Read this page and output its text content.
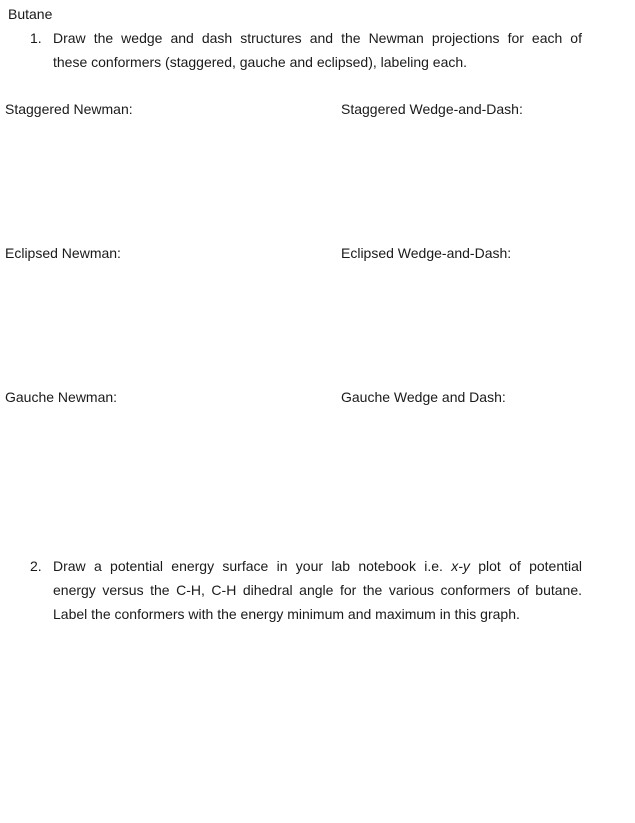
Butane
1. Draw the wedge and dash structures and the Newman projections for each of
these conformers (staggered, gauche and eclipsed), labeling each.
Staggered Newman:	Staggered Wedge-and-Dash:
Eclipsed Newman:	Eclipsed Wedge-and-Dash:
Gauche Newman:	Gauche Wedge and Dash:
2. Draw a potential energy surface in your lab notebook i.e. x-y plot of potential
energy versus the C-H, C-H dihedral angle for the various conformers of butane.
Label the conformers with the energy minimum and maximum in this graph.
